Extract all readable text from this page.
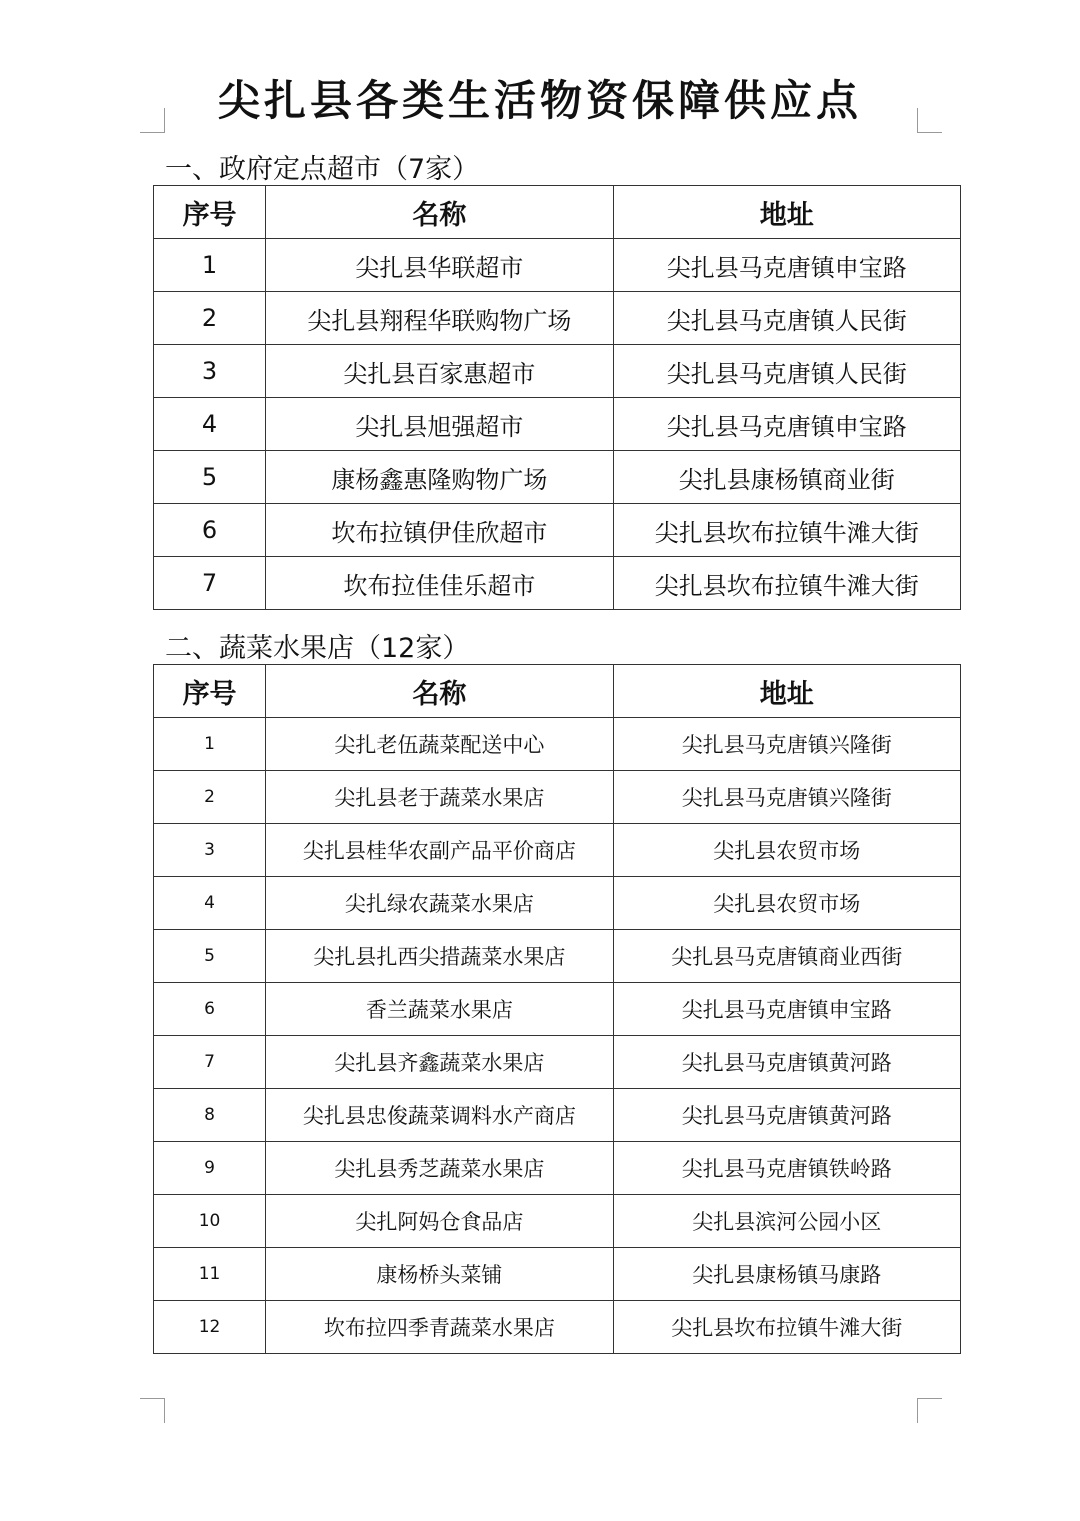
尖扎县各类生活物资保障供应点
一、政府定点超市（7家）
序号	名称	地址
1	尖扎县华联超市	尖扎县马克唐镇申宝路
2	尖扎县翔程华联购物广场	尖扎县马克唐镇人民街
3	尖扎县百家惠超市	尖扎县马克唐镇人民街
4	尖扎县旭强超市	尖扎县马克唐镇申宝路
5	康杨鑫惠隆购物广场	尖扎县康杨镇商业街
6	坎布拉镇伊佳欣超市	尖扎县坎布拉镇牛滩大街
7	坎布拉佳佳乐超市	尖扎县坎布拉镇牛滩大街
二、蔬菜水果店（12家）
序号	名称	地址
1	尖扎老伍蔬菜配送中心	尖扎县马克唐镇兴隆街
2	尖扎县老于蔬菜水果店	尖扎县马克唐镇兴隆街
3	尖扎县桂华农副产品平价商店	尖扎县农贸市场
4	尖扎绿农蔬菜水果店	尖扎县农贸市场
5	尖扎县扎西尖措蔬菜水果店	尖扎县马克唐镇商业西街
6	香兰蔬菜水果店	尖扎县马克唐镇申宝路
7	尖扎县齐鑫蔬菜水果店	尖扎县马克唐镇黄河路
8	尖扎县忠俊蔬菜调料水产商店	尖扎县马克唐镇黄河路
9	尖扎县秀芝蔬菜水果店	尖扎县马克唐镇铁岭路
10	尖扎阿妈仓食品店	尖扎县滨河公园小区
11	康杨桥头菜铺	尖扎县康杨镇马康路
12	坎布拉四季青蔬菜水果店	尖扎县坎布拉镇牛滩大街
